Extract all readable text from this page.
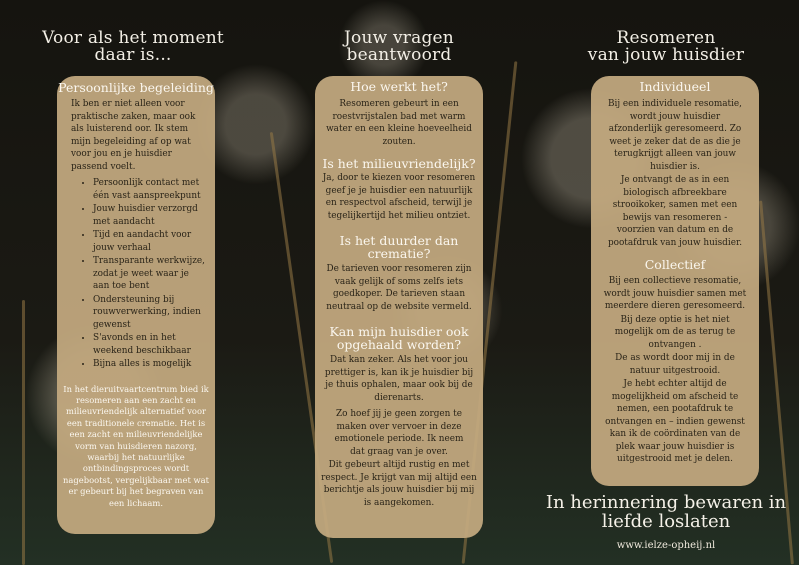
Voor als het moment
daar is...
Persoonlijke begeleiding

Ik ben er niet alleen voor praktische zaken, maar ook als luisterend oor. Ik stem mijn begeleiding af op wat voor jou en je huisdier passend voelt.

• Persoonlijk contact met één vast aanspreekpunt
• Jouw huisdier verzorgd met aandacht
• Tijd en aandacht voor jouw verhaal
• Transparante werkwijze, zodat je weet waar je aan toe bent
• Ondersteuning bij rouwverwerking, indien gewenst
• S'avonds en in het weekend beschikbaar
• Bijna alles is mogelijk

In het dieruitvaartcentrum bied ik resomeren aan een zacht en milieuvriendelijk alternatief voor een traditionele crematie. Het is een zacht en milieuvriendelijke vorm van huisdieren nazorg, waarbij het natuurlijke ontbindingsproces wordt nagebootst, vergelijkbaar met wat er gebeurt bij het begraven van een lichaam.

Jouw vragen
beantwoord
Hoe werkt het?

Resomeren gebeurt in een roestvrijstalen bad met warm water en een kleine hoeveelheid zouten.

Is het milieuvriendelijk?

Ja, door te kiezen voor resomeren geef je je huisdier een natuurlijk en respectvol afscheid, terwijl je tegelijkertijd het milieu ontziet.

Is het duurder dan crematie?

De tarieven voor resomeren zijn vaak gelijk of soms zelfs iets goedkoper. De tarieven staan neutraal op de website vermeld.

Kan mijn huisdier ook opgehaald worden?

Dat kan zeker. Als het voor jou prettiger is, kan ik je huisdier bij je thuis ophalen, maar ook bij de dierenarts.

Zo hoef jij je geen zorgen te maken over vervoer in deze emotionele periode. Ik neem dat graag van je over.

Dit gebeurt altijd rustig en met respect. Je krijgt van mij altijd een berichtje als jouw huisdier bij mij is aangekomen.

Resomeren
van jouw huisdier
Individueel

Bij een individuele resomatie, wordt jouw huisdier afzonderlijk geresomeerd. Zo weet je zeker dat de as die je terugkrijgt alleen van jouw huisdier is.

Je ontvangt de as in een biologisch afbreekbare strooikoker, samen met een bewijs van resomeren -voorzien van datum en de pootafdruk van jouw huisdier.

Collectief

Bij een collectieve resomatie, wordt jouw huisdier samen met meerdere dieren geresomeerd.

Bij deze optie is het niet mogelijk om de as terug te ontvangen .

De as wordt door mij in de natuur uitgestrooid.

Je hebt echter altijd de mogelijkheid om afscheid te nemen, een pootafdruk te ontvangen en – indien gewenst kan ik de coördinaten van de plek waar jouw huisdier is uitgestrooid met je delen.

In herinnering bewaren in
liefde loslaten
www.ielze-opheij.nl
